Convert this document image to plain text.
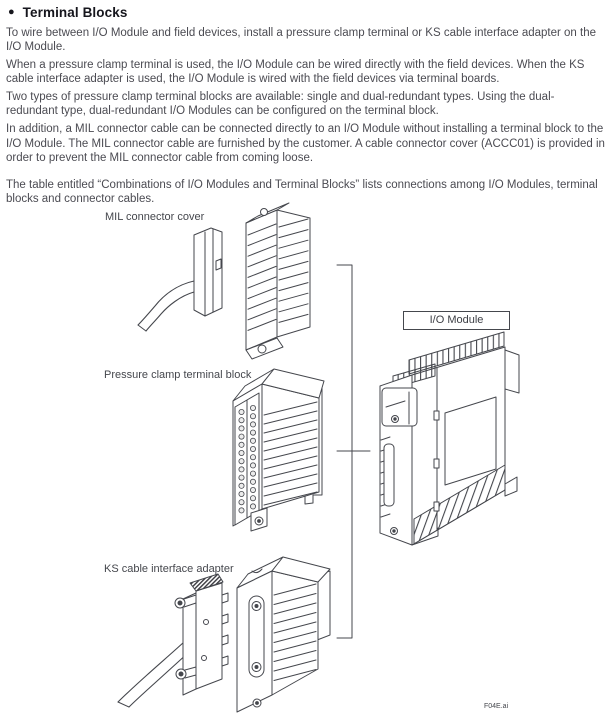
● Terminal Blocks

To wire between I/O Module and field devices, install a pressure clamp terminal or KS cable interface adapter on the I/O Module.

When a pressure clamp terminal is used, the I/O Module can be wired directly with the field devices. When the KS cable interface adapter is used, the I/O Module is wired with the field devices via terminal boards.

Two types of pressure clamp terminal blocks are available: single and dual-redundant types. Using the dual-redundant type, dual-redundant I/O Modules can be configured on the terminal block.

In addition, a MIL connector cable can be connected directly to an I/O Module without installing a terminal block to the I/O Module. The MIL connector cable are furnished by the customer. A cable connector cover (ACCC01) is provided in order to prevent the MIL connector cable from coming loose.

The table entitled “Combinations of I/O Modules and Terminal Blocks” lists connections among I/O Modules, terminal blocks and connector cables.

MIL connector cover
Pressure clamp terminal block
KS cable interface adapter
I/O Module
F04E.ai
